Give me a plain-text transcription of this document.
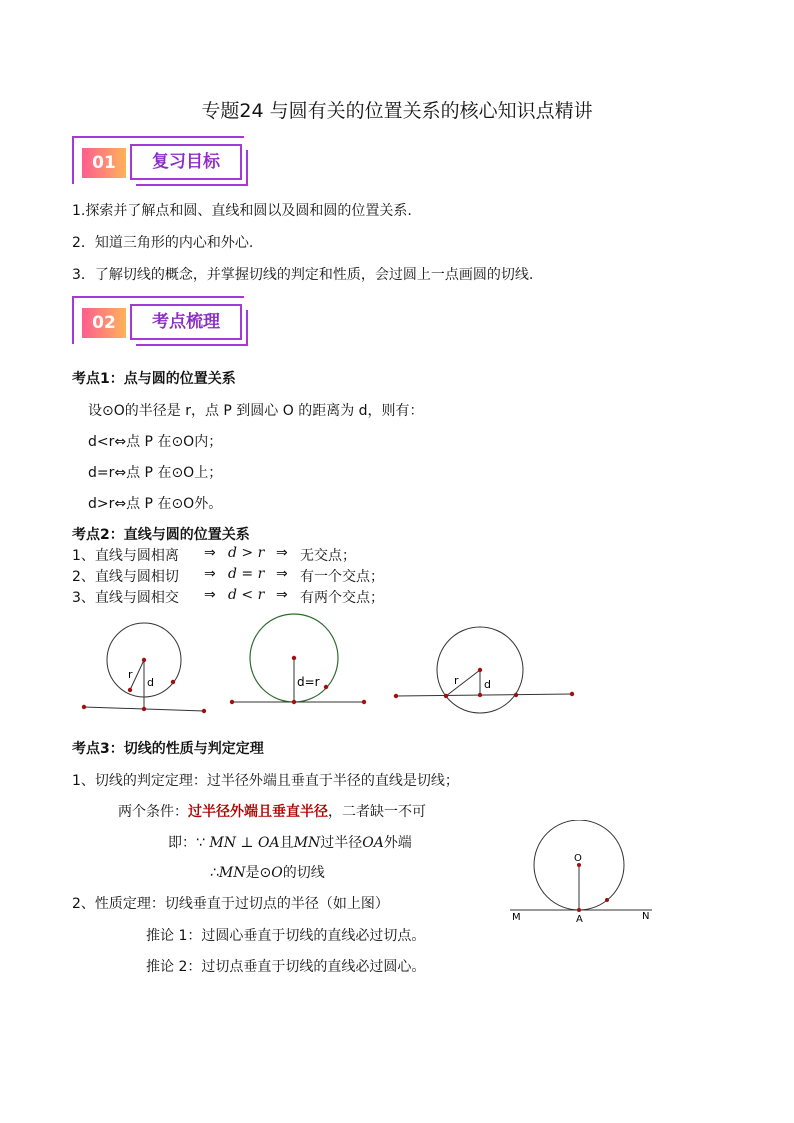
专题24 与圆有关的位置关系的核心知识点精讲
01	复习目标
1.探索并了解点和圆、直线和圆以及圆和圆的位置关系.
2．知道三角形的内心和外心.
3．了解切线的概念，并掌握切线的判定和性质，会过圆上一点画圆的切线.
02	考点梳理
考点1：点与圆的位置关系
设⊙O的半径是 r，点 P 到圆心 O 的距离为 d，则有：
d<r⇔点 P 在⊙O内；
d=r⇔点 P 在⊙O上；
d>r⇔点 P 在⊙O外。
考点2：直线与圆的位置关系
1、直线与圆相离 ⇒ d > r ⇒ 无交点；
2、直线与圆相切 ⇒ d = r ⇒ 有一个交点；
3、直线与圆相交 ⇒ d < r ⇒ 有两个交点；
r
d	d=r	r d
考点3：切线的性质与判定定理
1、切线的判定定理：过半径外端且垂直于半径的直线是切线；
两个条件：过半径外端且垂直半径，二者缺一不可
即：∵ MN ⊥ OA且MN过半径OA外端
∴MN是⊙O的切线
2、性质定理：切线垂直于过切点的半径（如上图）
推论 1：过圆心垂直于切线的直线必过切点。
推论 2：过切点垂直于切线的直线必过圆心。
O
M	A	N
